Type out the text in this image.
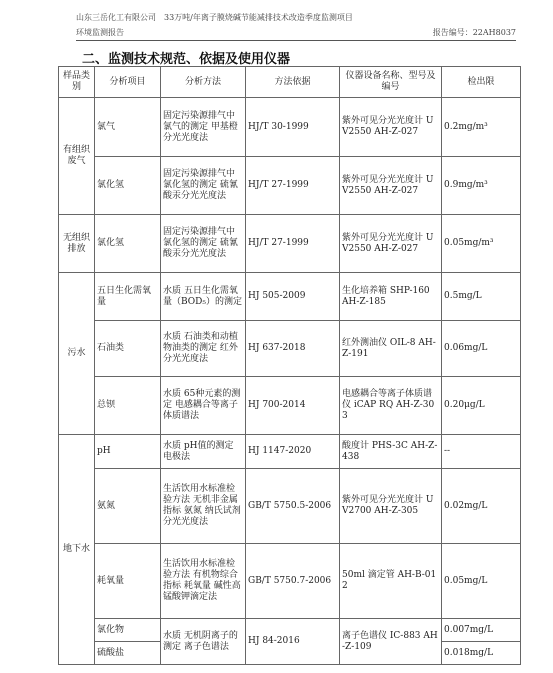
山东三岳化工有限公司　33万吨/年离子膜烧碱节能减排技术改造季度监测项目
环境监测报告	报告编号：22AH8037
二、监测技术规范、依据及使用仪器
样品类别	分析项目	分析方法	方法依据	仪器设备名称、型号及编号	检出限
有组织废气	氯气	固定污染源排气中氯气的测定 甲基橙分光光度法	HJ/T 30-1999	紫外可见分光光度计 UV2550 AH-Z-027	0.2mg/m³
	氯化氢	固定污染源排气中氯化氢的测定 硫氰酸汞分光光度法	HJ/T 27-1999	紫外可见分光光度计 UV2550 AH-Z-027	0.9mg/m³
无组织排放	氯化氢	固定污染源排气中氯化氢的测定 硫氰酸汞分光光度法	HJ/T 27-1999	紫外可见分光光度计 UV2550 AH-Z-027	0.05mg/m³
污水	五日生化需氧量	水质 五日生化需氧量（BOD₅）的测定	HJ 505-2009	生化培养箱 SHP-160 AH-Z-185	0.5mg/L
	石油类	水质 石油类和动植物油类的测定 红外分光光度法	HJ 637-2018	红外测油仪 OIL-8 AH-Z-191	0.06mg/L
	总钡	水质 65种元素的测定 电感耦合等离子体质谱法	HJ 700-2014	电感耦合等离子体质谱仪 iCAP RQ AH-Z-303	0.20μg/L
地下水	pH	水质 pH值的测定 电极法	HJ 1147-2020	酸度计 PHS-3C AH-Z-438	--
	氨氮	生活饮用水标准检验方法 无机非金属指标 氨氮 纳氏试剂分光光度法	GB/T 5750.5-2006	紫外可见分光光度计 UV2700 AH-Z-305	0.02mg/L
	耗氧量	生活饮用水标准检验方法 有机物综合指标 耗氧量 碱性高锰酸钾滴定法	GB/T 5750.7-2006	50ml 滴定管 AH-B-012	0.05mg/L
	氯化物	水质 无机阴离子的测定 离子色谱法	HJ 84-2016	离子色谱仪 IC-883 AH-Z-109	0.007mg/L
	硫酸盐				0.018mg/L
